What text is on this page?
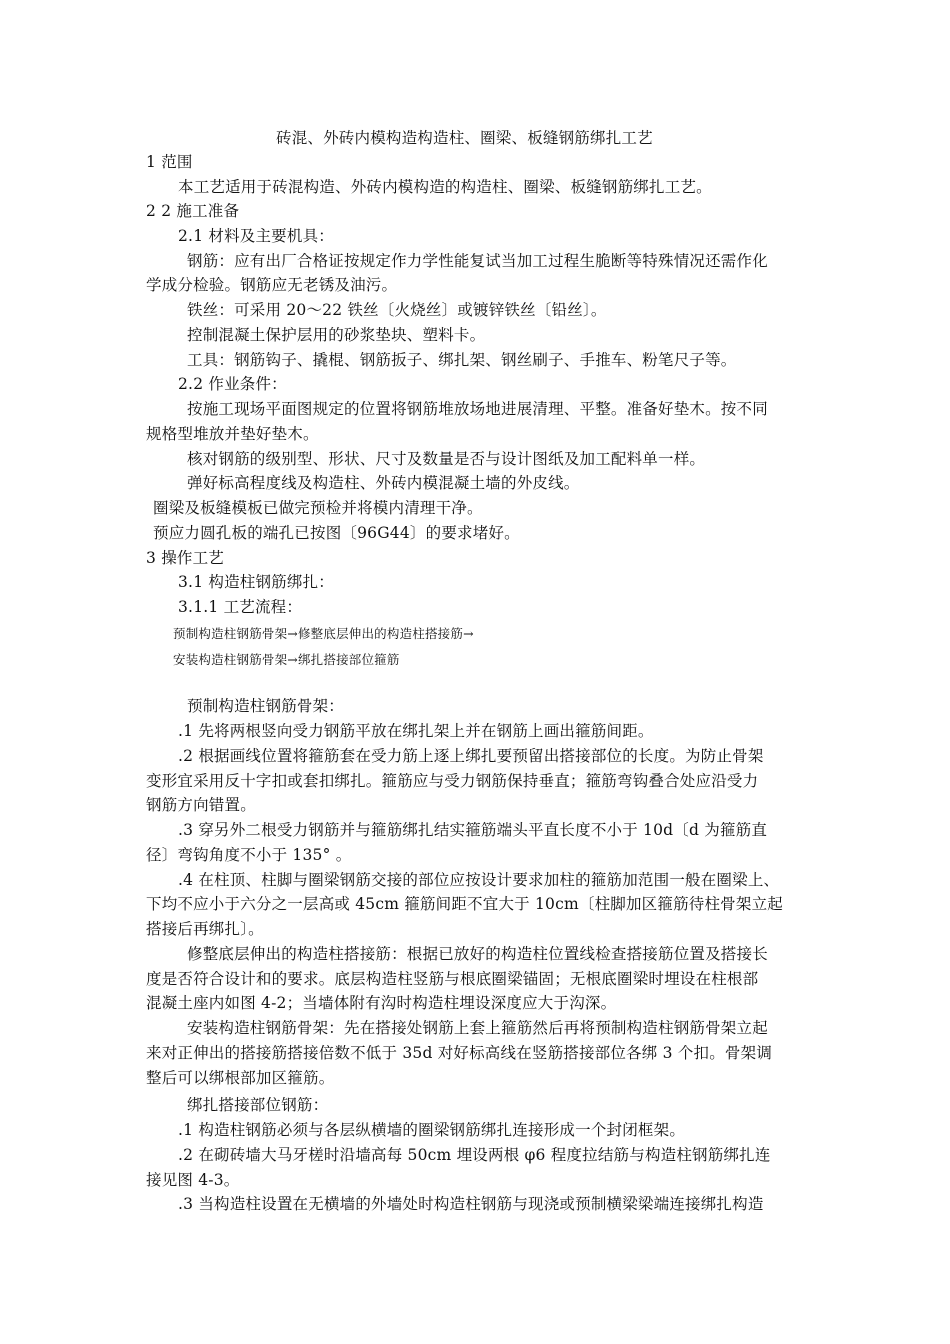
砖混、外砖内模构造构造柱、圈梁、板缝钢筋绑扎工艺
1 范围
本工艺适用于砖混构造、外砖内模构造的构造柱、圈梁、板缝钢筋绑扎工艺。
2 2 施工准备
2.1 材料及主要机具：
钢筋：应有出厂合格证按规定作力学性能复试当加工过程生脆断等特殊情况还需作化
学成分检验。钢筋应无老锈及油污。
铁丝：可采用 20～22 铁丝〔火烧丝〕或镀锌铁丝〔铅丝〕。
控制混凝土保护层用的砂浆垫块、塑料卡。
工具：钢筋钩子、撬棍、钢筋扳子、绑扎架、钢丝刷子、手推车、粉笔尺子等。
2.2 作业条件：
按施工现场平面图规定的位置将钢筋堆放场地进展清理、平整。准备好垫木。按不同
规格型堆放并垫好垫木。
核对钢筋的级别型、形状、尺寸及数量是否与设计图纸及加工配料单一样。
弹好标高程度线及构造柱、外砖内模混凝土墙的外皮线。
圈梁及板缝模板已做完预检并将模内清理干净。
预应力圆孔板的端孔已按图〔96G44〕的要求堵好。
3 操作工艺
3.1 构造柱钢筋绑扎：
3.1.1 工艺流程：
预制构造柱钢筋骨架→修整底层伸出的构造柱搭接筋→
安装构造柱钢筋骨架→绑扎搭接部位箍筋
预制构造柱钢筋骨架：
.1 先将两根竖向受力钢筋平放在绑扎架上并在钢筋上画出箍筋间距。
.2 根据画线位置将箍筋套在受力筋上逐上绑扎要预留出搭接部位的长度。为防止骨架
变形宜采用反十字扣或套扣绑扎。箍筋应与受力钢筋保持垂直；箍筋弯钩叠合处应沿受力
钢筋方向错置。
.3 穿另外二根受力钢筋并与箍筋绑扎结实箍筋端头平直长度不小于 10d〔d 为箍筋直
径〕弯钩角度不小于 135° 。
.4 在柱顶、柱脚与圈梁钢筋交接的部位应按设计要求加柱的箍筋加范围一般在圈梁上、
下均不应小于六分之一层高或 45cm 箍筋间距不宜大于 10cm〔柱脚加区箍筋待柱骨架立起
搭接后再绑扎〕。
修整底层伸出的构造柱搭接筋：根据已放好的构造柱位置线检查搭接筋位置及搭接长
度是否符合设计和的要求。底层构造柱竖筋与根底圈梁锚固；无根底圈梁时埋设在柱根部
混凝土座内如图 4-2；当墙体附有沟时构造柱埋设深度应大于沟深。
安装构造柱钢筋骨架：先在搭接处钢筋上套上箍筋然后再将预制构造柱钢筋骨架立起
来对正伸出的搭接筋搭接倍数不低于 35d 对好标高线在竖筋搭接部位各绑 3 个扣。骨架调
整后可以绑根部加区箍筋。
绑扎搭接部位钢筋：
.1 构造柱钢筋必须与各层纵横墙的圈梁钢筋绑扎连接形成一个封闭框架。
.2 在砌砖墙大马牙槎时沿墙高每 50cm 埋设两根 φ6 程度拉结筋与构造柱钢筋绑扎连
接见图 4-3。
.3 当构造柱设置在无横墙的外墙处时构造柱钢筋与现浇或预制横梁梁端连接绑扎构造
